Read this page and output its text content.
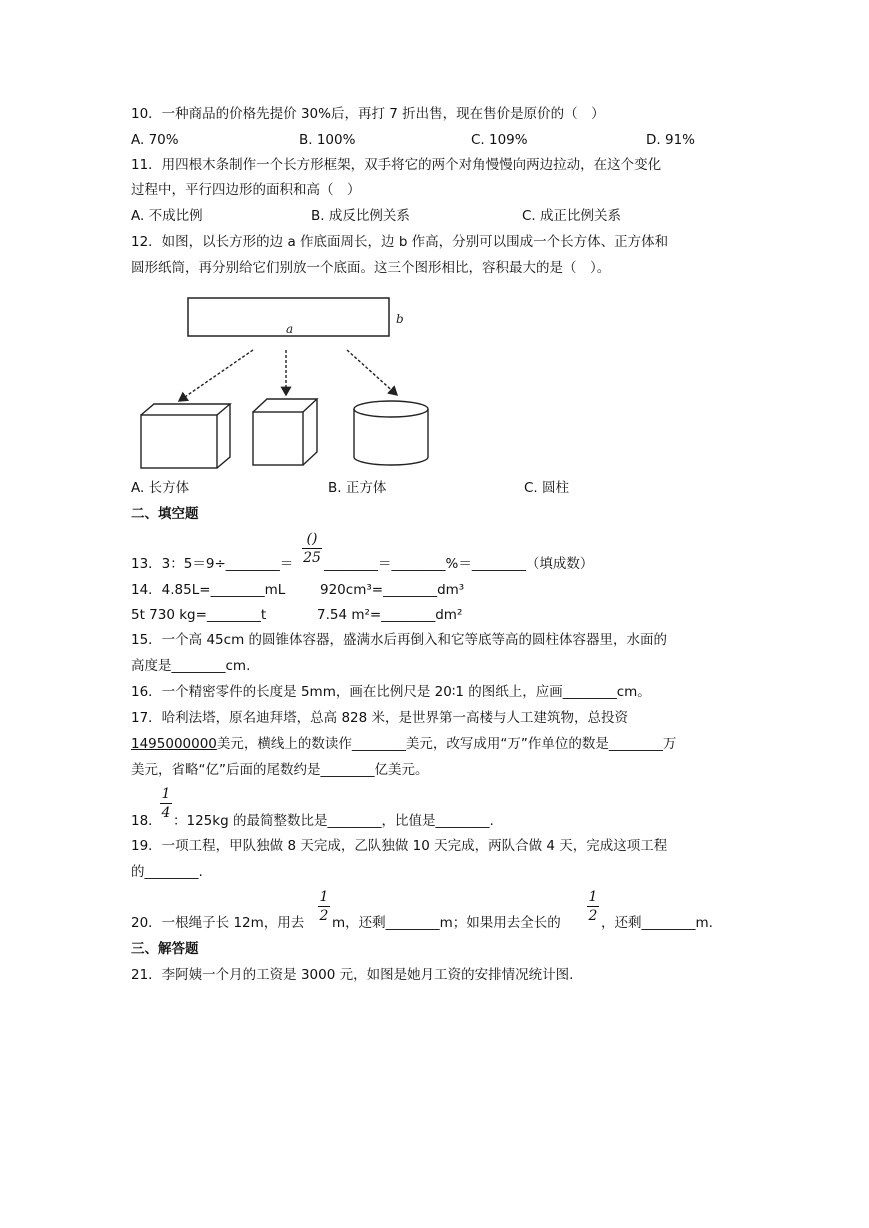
10．一种商品的价格先提价 30%后，再打 7 折出售，现在售价是原价的（　）
A. 70%	B. 100%	C. 109%	D. 91%
11．用四根木条制作一个长方形框架，双手将它的两个对角慢慢向两边拉动，在这个变化
过程中，平行四边形的面积和高（　）
A. 不成比例	B. 成反比例关系	C. 成正比例关系
12．如图，以长方形的边 a 作底面周长，边 b 作高，分别可以围成一个长方体、正方体和
圆形纸筒，再分别给它们别放一个底面。这三个图形相比，容积最大的是（　）。
a
b
A. 长方体	B. 正方体	C. 圆柱
二、填空题
13．3：5＝9÷________＝
()
25 ________＝________%＝________（填成数）
14．4.85L=________mL	920cm³=________dm³
5t 730 kg=________t	7.54 m²=________dm²
15．一个高 45cm 的圆锥体容器，盛满水后再倒入和它等底等高的圆柱体容器里，水面的
高度是________cm.
16．一个精密零件的长度是 5mm，画在比例尺是 20∶1 的图纸上，应画________cm。
17．哈利法塔，原名迪拜塔，总高 828 米，是世界第一高楼与人工建筑物，总投资
1495000000美元，横线上的数读作________美元，改写成用“万”作单位的数是________万
美元，省略“亿”后面的尾数约是________亿美元。
18．
1
4 ：125kg 的最简整数比是________，比值是________.
19．一项工程，甲队独做 8 天完成，乙队独做 10 天完成，两队合做 4 天，完成这项工程
的________.
20．一根绳子长 12m，用去
1
2 m，还剩________m；如果用去全长的
1
2 ，还剩________m.
三、解答题
21．李阿姨一个月的工资是 3000 元，如图是她月工资的安排情况统计图.
